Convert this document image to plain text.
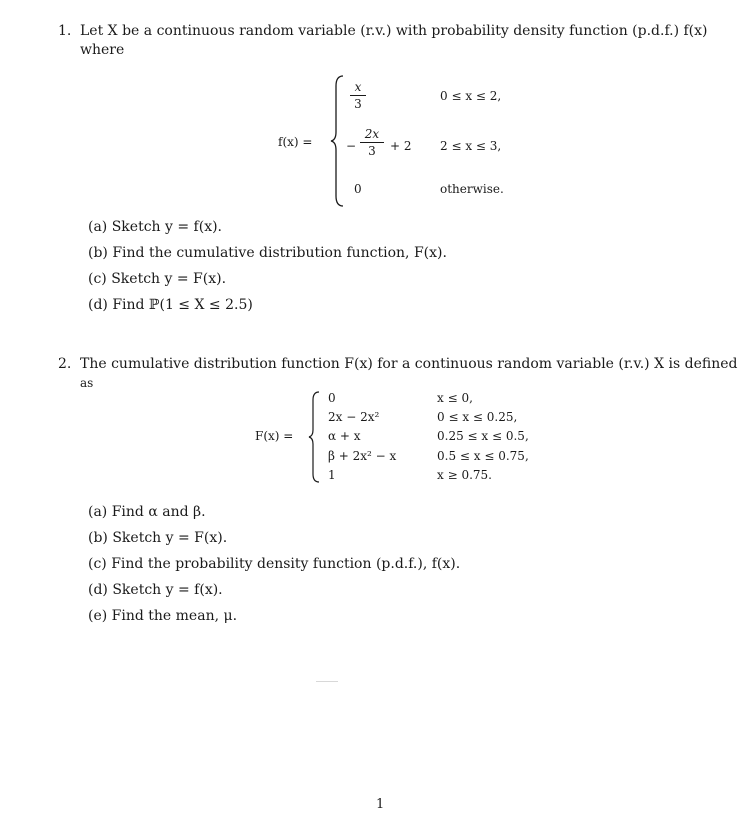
1. Let X be a continuous random variable (r.v.) with probability density function (p.d.f.) f(x)
where
f(x) =
x
3
0 ≤ x ≤ 2,
−
2x
3	+ 2 2 ≤ x ≤ 3,
0	otherwise.
(a) Sketch y = f(x).
(b) Find the cumulative distribution function, F(x).
(c) Sketch y = F(x).
(d) Find ℙ(1 ≤ X ≤ 2.5)
2. The cumulative distribution function F(x) for a continuous random variable (r.v.) X is defined
as
F(x) =
0
2x − 2x²
α + x
β + 2x² − x
1
x ≤ 0,
0 ≤ x ≤ 0.25,
0.25 ≤ x ≤ 0.5,
0.5 ≤ x ≤ 0.75,
x ≥ 0.75.
(a) Find α and β.
(b) Sketch y = F(x).
(c) Find the probability density function (p.d.f.), f(x).
(d) Sketch y = f(x).
(e) Find the mean, μ.
1
